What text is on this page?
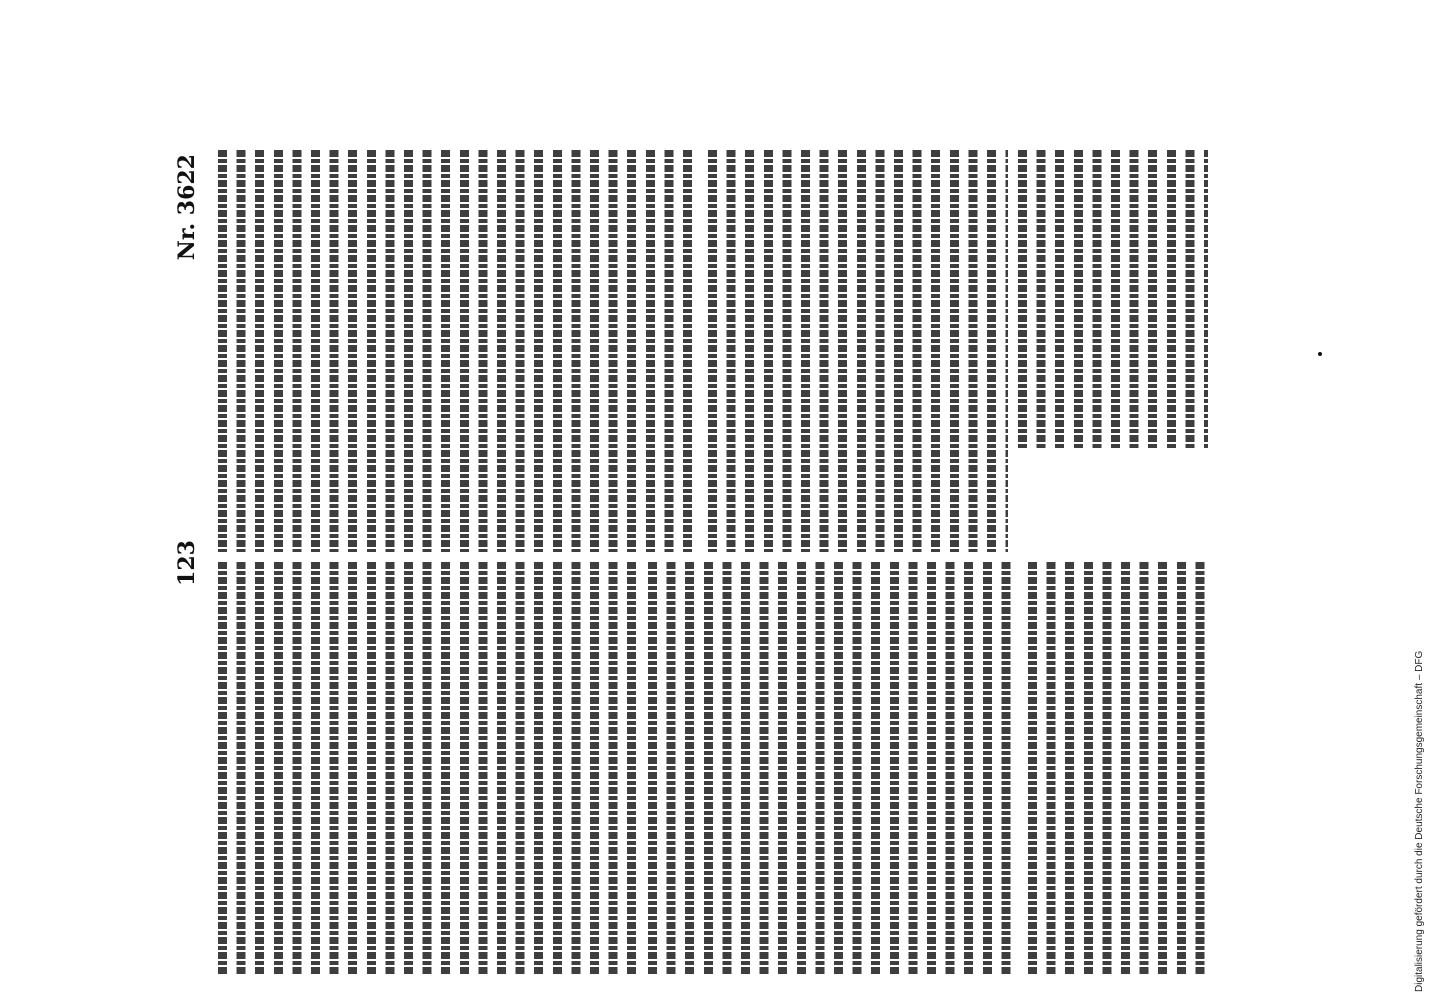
123
Nr. 3622
Digitalisierung gefördert durch die Deutsche Forschungsgemeinschaft – DFG
